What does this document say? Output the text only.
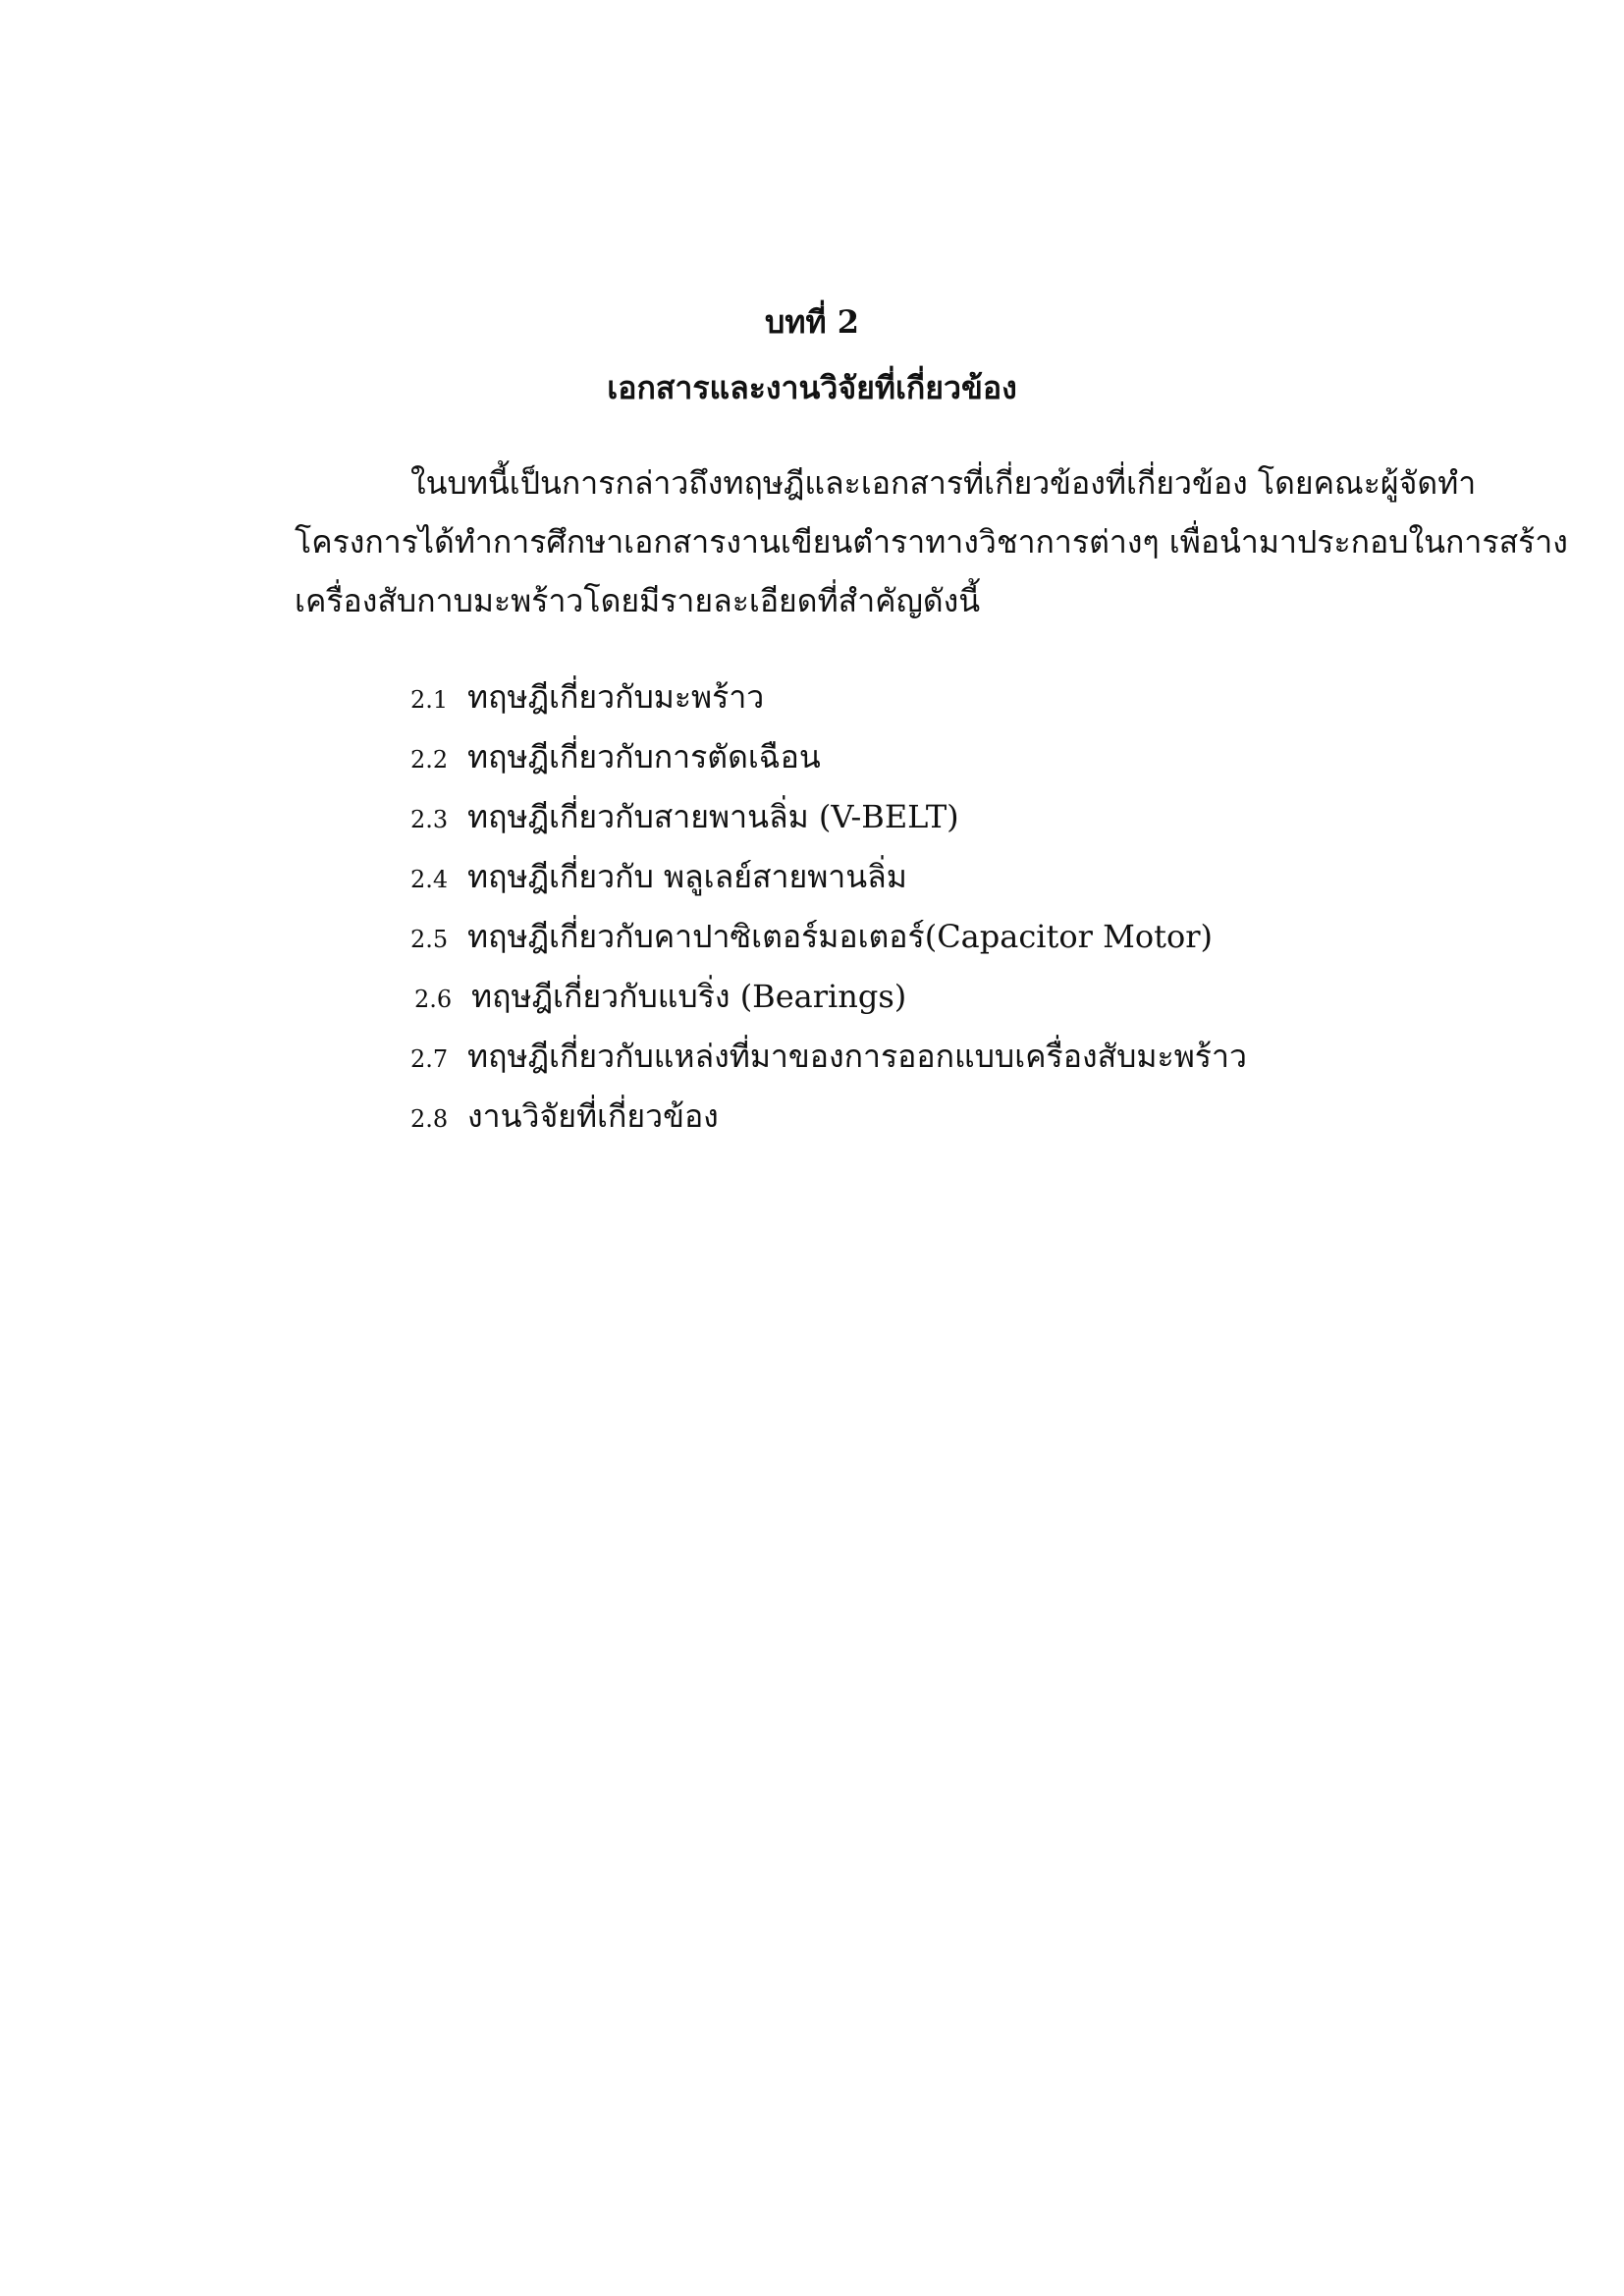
บทที่ 2
เอกสารและงานวิจัยที่เกี่ยวข้อง
ในบทนี้เป็นการกล่าวถึงทฤษฎีและเอกสารที่เกี่ยวข้องที่เกี่ยวข้อง โดยคณะผู้จัดทำ
โครงการได้ทำการศึกษาเอกสารงานเขียนตำราทางวิชาการต่างๆ เพื่อนำมาประกอบในการสร้าง
เครื่องสับกาบมะพร้าวโดยมีรายละเอียดที่สำคัญดังนี้
2.1 ทฤษฎีเกี่ยวกับมะพร้าว
2.2 ทฤษฎีเกี่ยวกับการตัดเฉือน
2.3 ทฤษฎีเกี่ยวกับสายพานลิ่ม (V-BELT)
2.4 ทฤษฎีเกี่ยวกับ พลูเลย์สายพานลิ่ม
2.5 ทฤษฎีเกี่ยวกับคาปาซิเตอร์มอเตอร์(Capacitor Motor)
2.6 ทฤษฎีเกี่ยวกับแบริ่ง (Bearings)
2.7 ทฤษฎีเกี่ยวกับแหล่งที่มาของการออกแบบเครื่องสับมะพร้าว
2.8 งานวิจัยที่เกี่ยวข้อง
